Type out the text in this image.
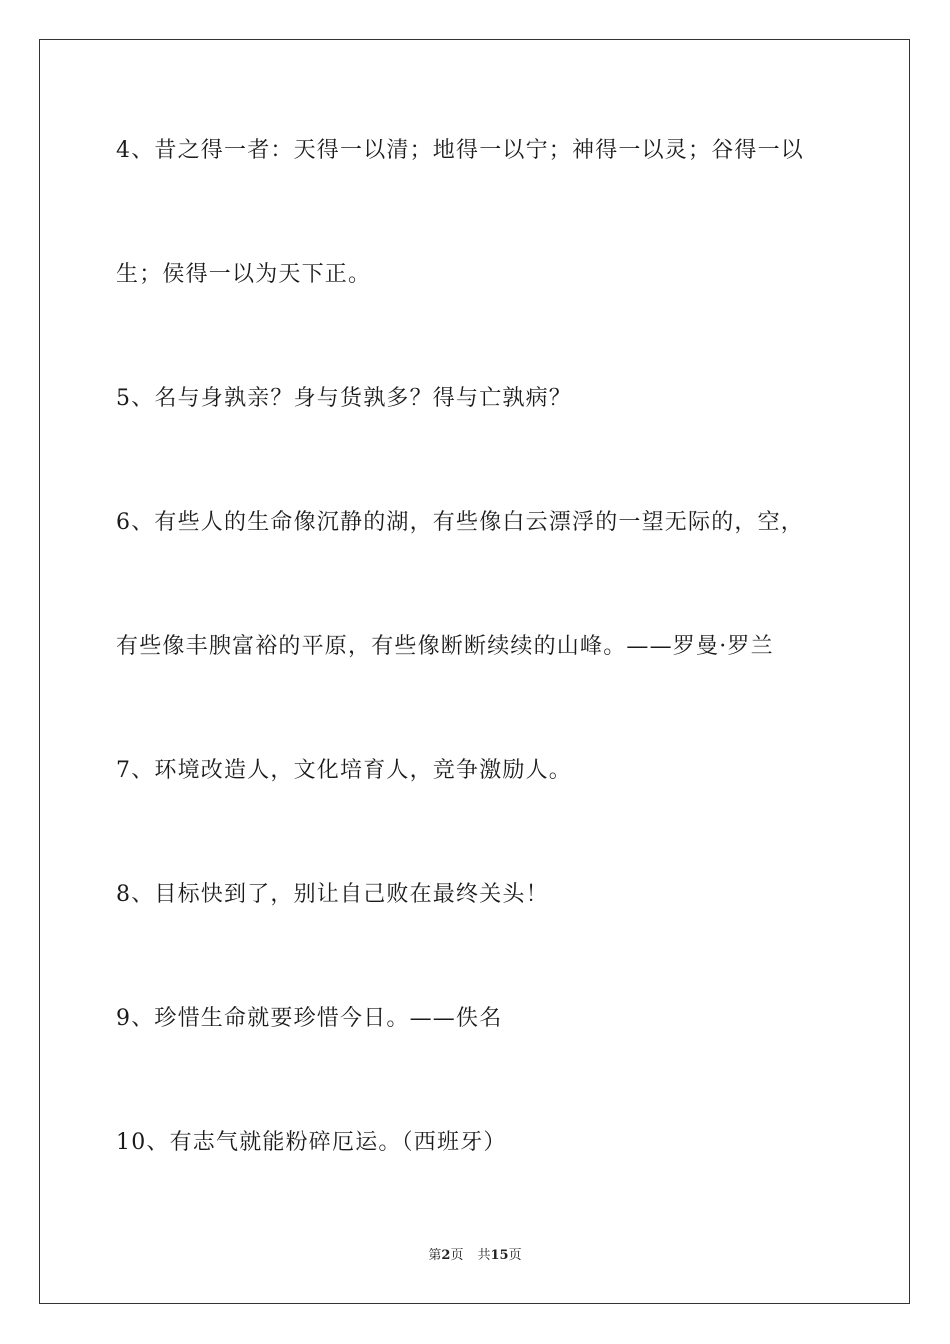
4、昔之得一者：天得一以清；地得一以宁；神得一以灵；谷得一以
生；侯得一以为天下正。
5、名与身孰亲？身与货孰多？得与亡孰病？
6、有些人的生命像沉静的湖，有些像白云漂浮的一望无际的，空，
有些像丰腴富裕的平原，有些像断断续续的山峰。——罗曼·罗兰
7、环境改造人，文化培育人，竞争激励人。
8、目标快到了，别让自己败在最终关头！
9、珍惜生命就要珍惜今日。——佚名
10、有志气就能粉碎厄运。（西班牙）
第2页 共15页
